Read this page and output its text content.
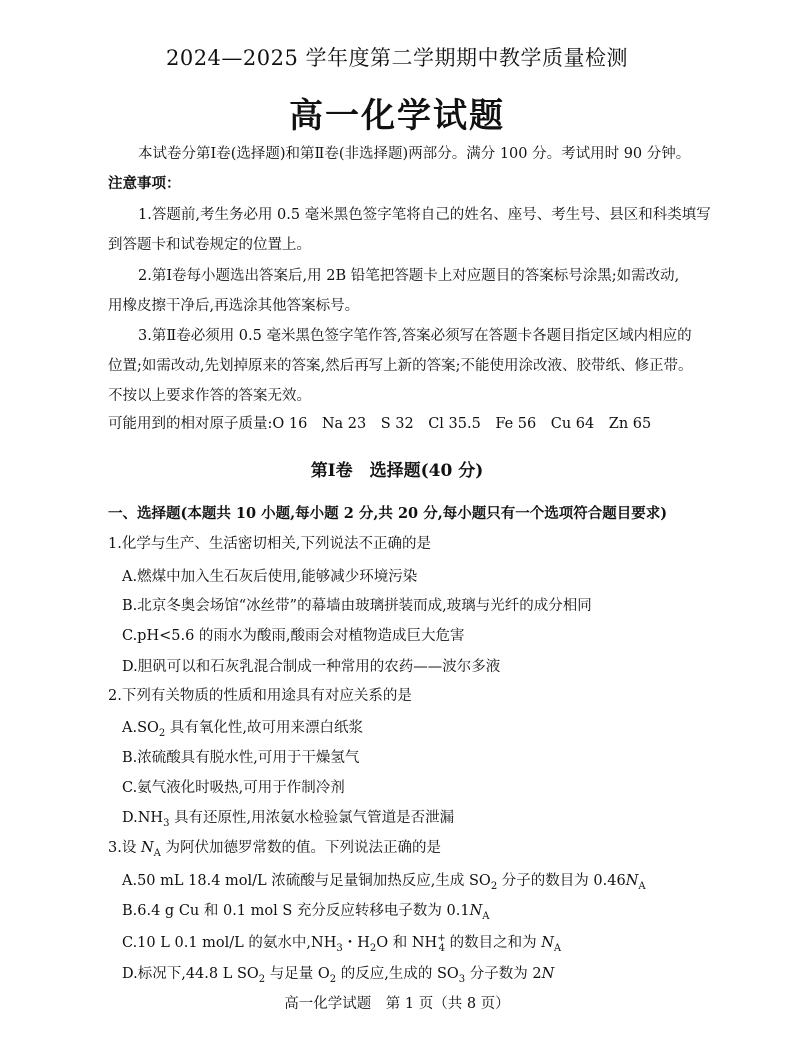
2024—2025 学年度第二学期期中教学质量检测
高一化学试题
本试卷分第Ⅰ卷(选择题)和第Ⅱ卷(非选择题)两部分。满分 100 分。考试用时 90 分钟。
注意事项：
1.答题前,考生务必用 0.5 毫米黑色签字笔将自己的姓名、座号、考生号、县区和科类填写
到答题卡和试卷规定的位置上。
2.第Ⅰ卷每小题选出答案后,用 2B 铅笔把答题卡上对应题目的答案标号涂黑;如需改动,
用橡皮擦干净后,再选涂其他答案标号。
3.第Ⅱ卷必须用 0.5 毫米黑色签字笔作答,答案必须写在答题卡各题目指定区域内相应的
位置;如需改动,先划掉原来的答案,然后再写上新的答案;不能使用涂改液、胶带纸、修正带。
不按以上要求作答的答案无效。
可能用到的相对原子质量:O 16　Na 23　S 32　Cl 35.5　Fe 56　Cu 64　Zn 65
第Ⅰ卷　选择题(40 分)
一、选择题(本题共 10 小题,每小题 2 分,共 20 分,每小题只有一个选项符合题目要求)
1.化学与生产、生活密切相关,下列说法不正确的是
A.燃煤中加入生石灰后使用,能够减少环境污染
B.北京冬奥会场馆“冰丝带”的幕墙由玻璃拼装而成,玻璃与光纤的成分相同
C.pH<5.6 的雨水为酸雨,酸雨会对植物造成巨大危害
D.胆矾可以和石灰乳混合制成一种常用的农药——波尔多液
2.下列有关物质的性质和用途具有对应关系的是
$A.SO_2$ 具有氧化性,故可用来漂白纸浆
B.浓硫酸具有脱水性,可用于干燥氢气
C.氨气液化时吸热,可用于作制冷剂
$D.NH_3$ 具有还原性,用浓氨水检验氯气管道是否泄漏
3.设 $N_A$ 为阿伏加德罗常数的值。下列说法正确的是
A.50 mL 18.4 mol/L 浓硫酸与足量铜加热反应,生成 $SO_2$ 分子的数目为 $0.46N_A$
B.6.4 g Cu 和 0.1 mol S 充分反应转移电子数为 $0.1N_A$
C.10 L 0.1 mol/L 的氨水中$,NH_3$・$H_2O$ 和 $NH^+_4$ 的数目之和为 $N_A$
D.标况下,44.8 L $SO_2$ 与足量 $O_2$ 的反应,生成的 $SO_3$ 分子数为 2N
高一化学试题　第 1 页（共 8 页）
